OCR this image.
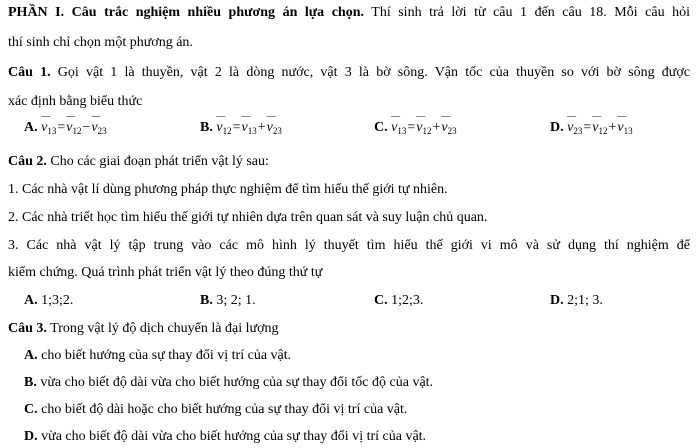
PHẦN I. Câu trắc nghiệm nhiều phương án lựa chọn. Thí sinh trả lời từ câu 1 đến câu 18. Mỗi câu hỏi
thí sinh chỉ chọn một phương án.
Câu 1. Gọi vật 1 là thuyền, vật 2 là dòng nước, vật 3 là bờ sông. Vận tốc của thuyền so với bờ sông được
xác định bằng biểu thức
A. — $v_{13}=—$ $v_{12}-—$ $v_{23}$	B. — $v_{12}=—$ $v_{13}+—$ $v_{23}$	C. — $v_{13}=—$ $v_{12}+—$ $v_{23}$	D. — $v_{23}=—$ $v_{12}+—$ $v_{13}$
Câu 2. Cho các giai đoạn phát triển vật lý sau:
1. Các nhà vật lí dùng phương pháp thực nghiệm để tìm hiểu thế giới tự nhiên.
2. Các nhà triết học tìm hiểu thế giới tự nhiên dựa trên quan sát và suy luận chủ quan.
3. Các nhà vật lý tập trung vào các mô hình lý thuyết tìm hiểu thế giới vi mô và sử dụng thí nghiệm để
kiểm chứng. Quá trình phát triển vật lý theo đúng thứ tự
A. 1;3;2.	B. 3; 2; 1.	C. 1;2;3.	D. 2;1; 3.
Câu 3. Trong vật lý độ dịch chuyển là đại lượng
A. cho biết hướng của sự thay đổi vị trí của vật.
B. vừa cho biết độ dài vừa cho biết hướng của sự thay đổi tốc độ của vật.
C. cho biết độ dài hoặc cho biết hướng của sự thay đổi vị trí của vật.
D. vừa cho biết độ dài vừa cho biết hướng của sự thay đổi vị trí của vật.
